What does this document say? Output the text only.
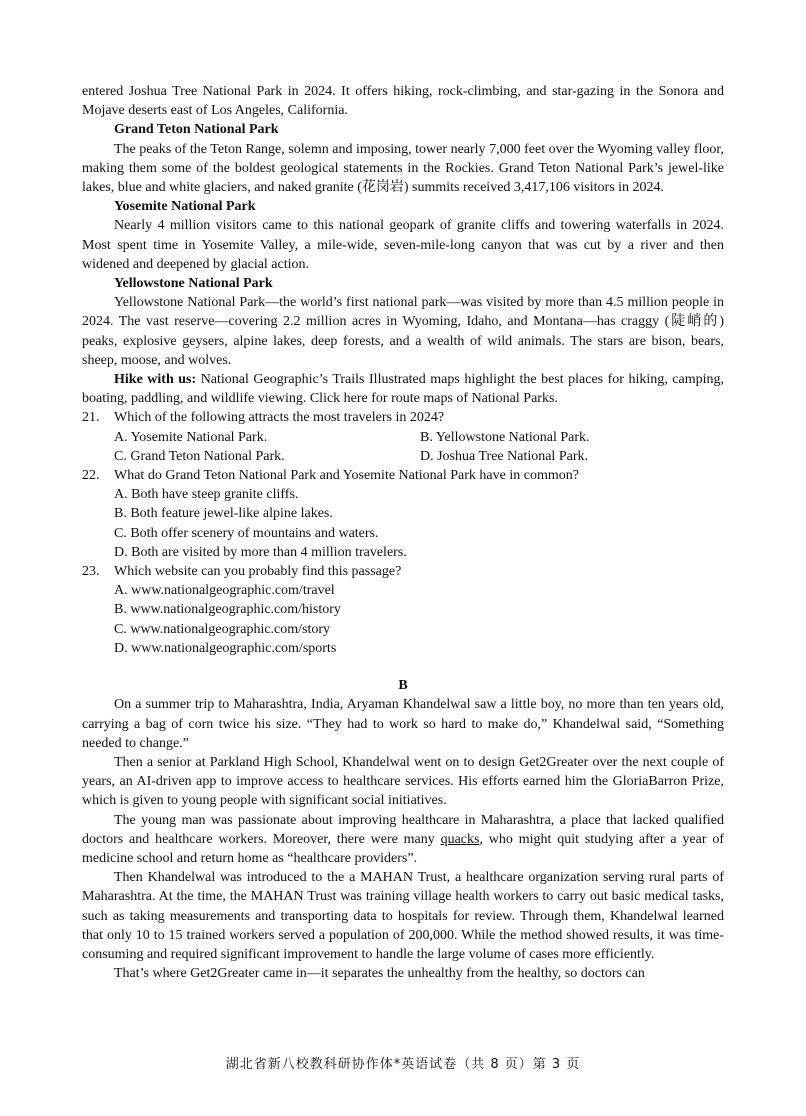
entered Joshua Tree National Park in 2024. It offers hiking, rock-climbing, and star-gazing in the Sonora and Mojave deserts east of Los Angeles, California.

Grand Teton National Park

The peaks of the Teton Range, solemn and imposing, tower nearly 7,000 feet over the Wyoming valley floor, making them some of the boldest geological statements in the Rockies. Grand Teton National Park’s jewel-like lakes, blue and white glaciers, and naked granite (花岗岩) summits received 3,417,106 visitors in 2024.

Yosemite National Park

Nearly 4 million visitors came to this national geopark of granite cliffs and towering waterfalls in 2024. Most spent time in Yosemite Valley, a mile-wide, seven-mile-long canyon that was cut by a river and then widened and deepened by glacial action.

Yellowstone National Park

Yellowstone National Park—the world’s first national park—was visited by more than 4.5 million people in 2024. The vast reserve—covering 2.2 million acres in Wyoming, Idaho, and Montana—has craggy (陡峭的) peaks, explosive geysers, alpine lakes, deep forests, and a wealth of wild animals. The stars are bison, bears, sheep, moose, and wolves.

Hike with us: National Geographic’s Trails Illustrated maps highlight the best places for hiking, camping, boating, paddling, and wildlife viewing. Click here for route maps of National Parks.

21.	Which of the following attracts the most travelers in 2024?
A. Yosemite National Park.	B. Yellowstone National Park.
C. Grand Teton National Park.	D. Joshua Tree National Park.
22.	What do Grand Teton National Park and Yosemite National Park have in common?
A. Both have steep granite cliffs.
B. Both feature jewel-like alpine lakes.
C. Both offer scenery of mountains and waters.
D. Both are visited by more than 4 million travelers.
23.	Which website can you probably find this passage?
A. www.nationalgeographic.com/travel
B. www.nationalgeographic.com/history
C. www.nationalgeographic.com/story
D. www.nationalgeographic.com/sports

B

On a summer trip to Maharashtra, India, Aryaman Khandelwal saw a little boy, no more than ten years old, carrying a bag of corn twice his size. “They had to work so hard to make do,” Khandelwal said, “Something needed to change.”

Then a senior at Parkland High School, Khandelwal went on to design Get2Greater over the next couple of years, an AI-driven app to improve access to healthcare services. His efforts earned him the GloriaBarron Prize, which is given to young people with significant social initiatives.

The young man was passionate about improving healthcare in Maharashtra, a place that lacked qualified doctors and healthcare workers. Moreover, there were many quacks, who might quit studying after a year of medicine school and return home as “healthcare providers”.

Then Khandelwal was introduced to the a MAHAN Trust, a healthcare organization serving rural parts of Maharashtra. At the time, the MAHAN Trust was training village health workers to carry out basic medical tasks, such as taking measurements and transporting data to hospitals for review. Through them, Khandelwal learned that only 10 to 15 trained workers served a population of 200,000. While the method showed results, it was time-consuming and required significant improvement to handle the large volume of cases more efficiently.

That’s where Get2Greater came in—it separates the unhealthy from the healthy, so doctors can

湖北省新八校教科研协作体*英语试卷（共 8 页）第 3 页
